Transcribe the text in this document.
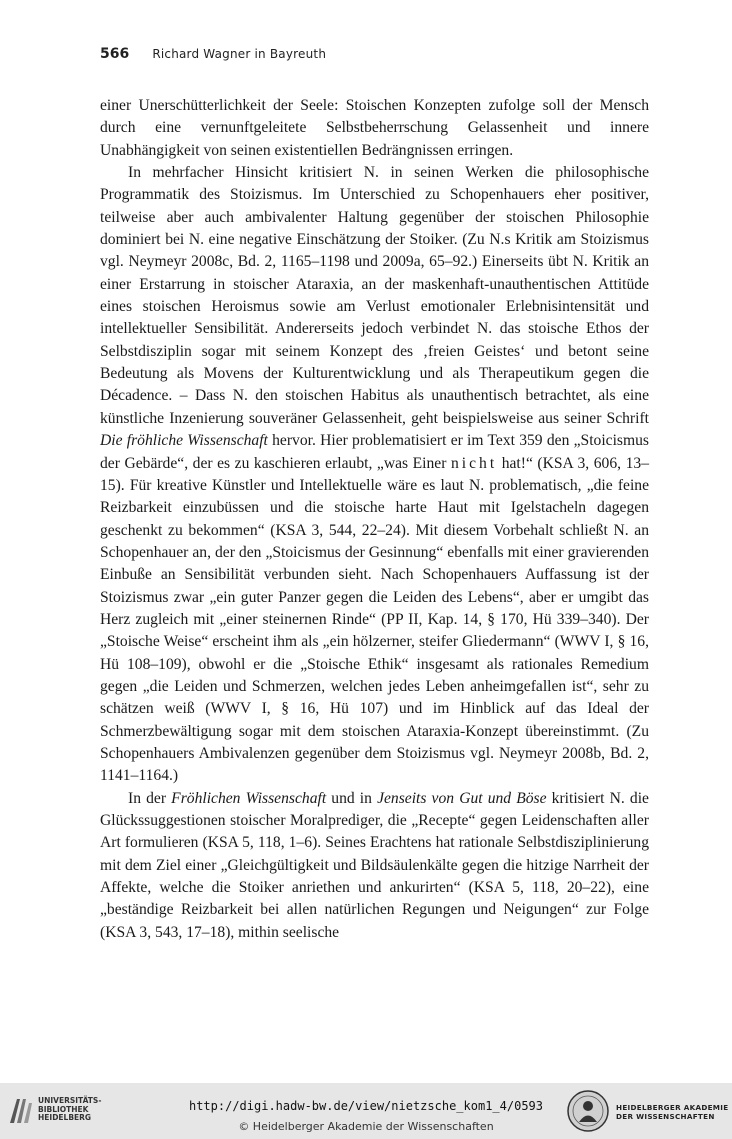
566 Richard Wagner in Bayreuth

einer Unerschütterlichkeit der Seele: Stoischen Konzepten zufolge soll der Mensch durch eine vernunftgeleitete Selbstbeherrschung Gelassenheit und innere Unabhängigkeit von seinen existentiellen Bedrängnissen erringen.

In mehrfacher Hinsicht kritisiert N. in seinen Werken die philosophische Programmatik des Stoizismus. Im Unterschied zu Schopenhauers eher positiver, teilweise aber auch ambivalenter Haltung gegenüber der stoischen Philosophie dominiert bei N. eine negative Einschätzung der Stoiker. (Zu N.s Kritik am Stoizismus vgl. Neymeyr 2008c, Bd. 2, 1165–1198 und 2009a, 65–92.) Einerseits übt N. Kritik an einer Erstarrung in stoischer Ataraxia, an der maskenhaft-unauthentischen Attitüde eines stoischen Heroismus sowie am Verlust emotionaler Erlebnisintensität und intellektueller Sensibilität. Andererseits jedoch verbindet N. das stoische Ethos der Selbstdisziplin sogar mit seinem Konzept des ‚freien Geistes‘ und betont seine Bedeutung als Movens der Kulturentwicklung und als Therapeutikum gegen die Décadence. – Dass N. den stoischen Habitus als unauthentisch betrachtet, als eine künstliche Inzenierung souveräner Gelassenheit, geht beispielsweise aus seiner Schrift Die fröhliche Wissenschaft hervor. Hier problematisiert er im Text 359 den „Stoicismus der Gebärde“, der es zu kaschieren erlaubt, „was Einer nicht hat!“ (KSA 3, 606, 13–15). Für kreative Künstler und Intellektuelle wäre es laut N. problematisch, „die feine Reizbarkeit einzubüssen und die stoische harte Haut mit Igelstacheln dagegen geschenkt zu bekommen“ (KSA 3, 544, 22–24). Mit diesem Vorbehalt schließt N. an Schopenhauer an, der den „Stoicismus der Gesinnung“ ebenfalls mit einer gravierenden Einbuße an Sensibilität verbunden sieht. Nach Schopenhauers Auffassung ist der Stoizismus zwar „ein guter Panzer gegen die Leiden des Lebens“, aber er umgibt das Herz zugleich mit „einer steinernen Rinde“ (PP II, Kap. 14, § 170, Hü 339–340). Der „Stoische Weise“ erscheint ihm als „ein hölzerner, steifer Gliedermann“ (WWV I, § 16, Hü 108–109), obwohl er die „Stoische Ethik“ insgesamt als rationales Remedium gegen „die Leiden und Schmerzen, welchen jedes Leben anheimgefallen ist“, sehr zu schätzen weiß (WWV I, § 16, Hü 107) und im Hinblick auf das Ideal der Schmerzbewältigung sogar mit dem stoischen Ataraxia-Konzept übereinstimmt. (Zu Schopenhauers Ambivalenzen gegenüber dem Stoizismus vgl. Neymeyr 2008b, Bd. 2, 1141–1164.)

In der Fröhlichen Wissenschaft und in Jenseits von Gut und Böse kritisiert N. die Glückssuggestionen stoischer Moralprediger, die „Recepte“ gegen Leidenschaften aller Art formulieren (KSA 5, 118, 1–6). Seines Erachtens hat rationale Selbstdisziplinierung mit dem Ziel einer „Gleichgültigkeit und Bildsäulenkälte gegen die hitzige Narrheit der Affekte, welche die Stoiker anriethen und ankurirten“ (KSA 5, 118, 20–22), eine „beständige Reizbarkeit bei allen natürlichen Regungen und Neigungen“ zur Folge (KSA 3, 543, 17–18), mithin seelische

UNIVERSITÄTS-
BIBLIOTHEK
HEIDELBERG
http://digi.hadw-bw.de/view/nietzsche_kom1_4/0593
© Heidelberger Akademie der Wissenschaften
HEIDELBERGER AKADEMIE
DER WISSENSCHAFTEN
